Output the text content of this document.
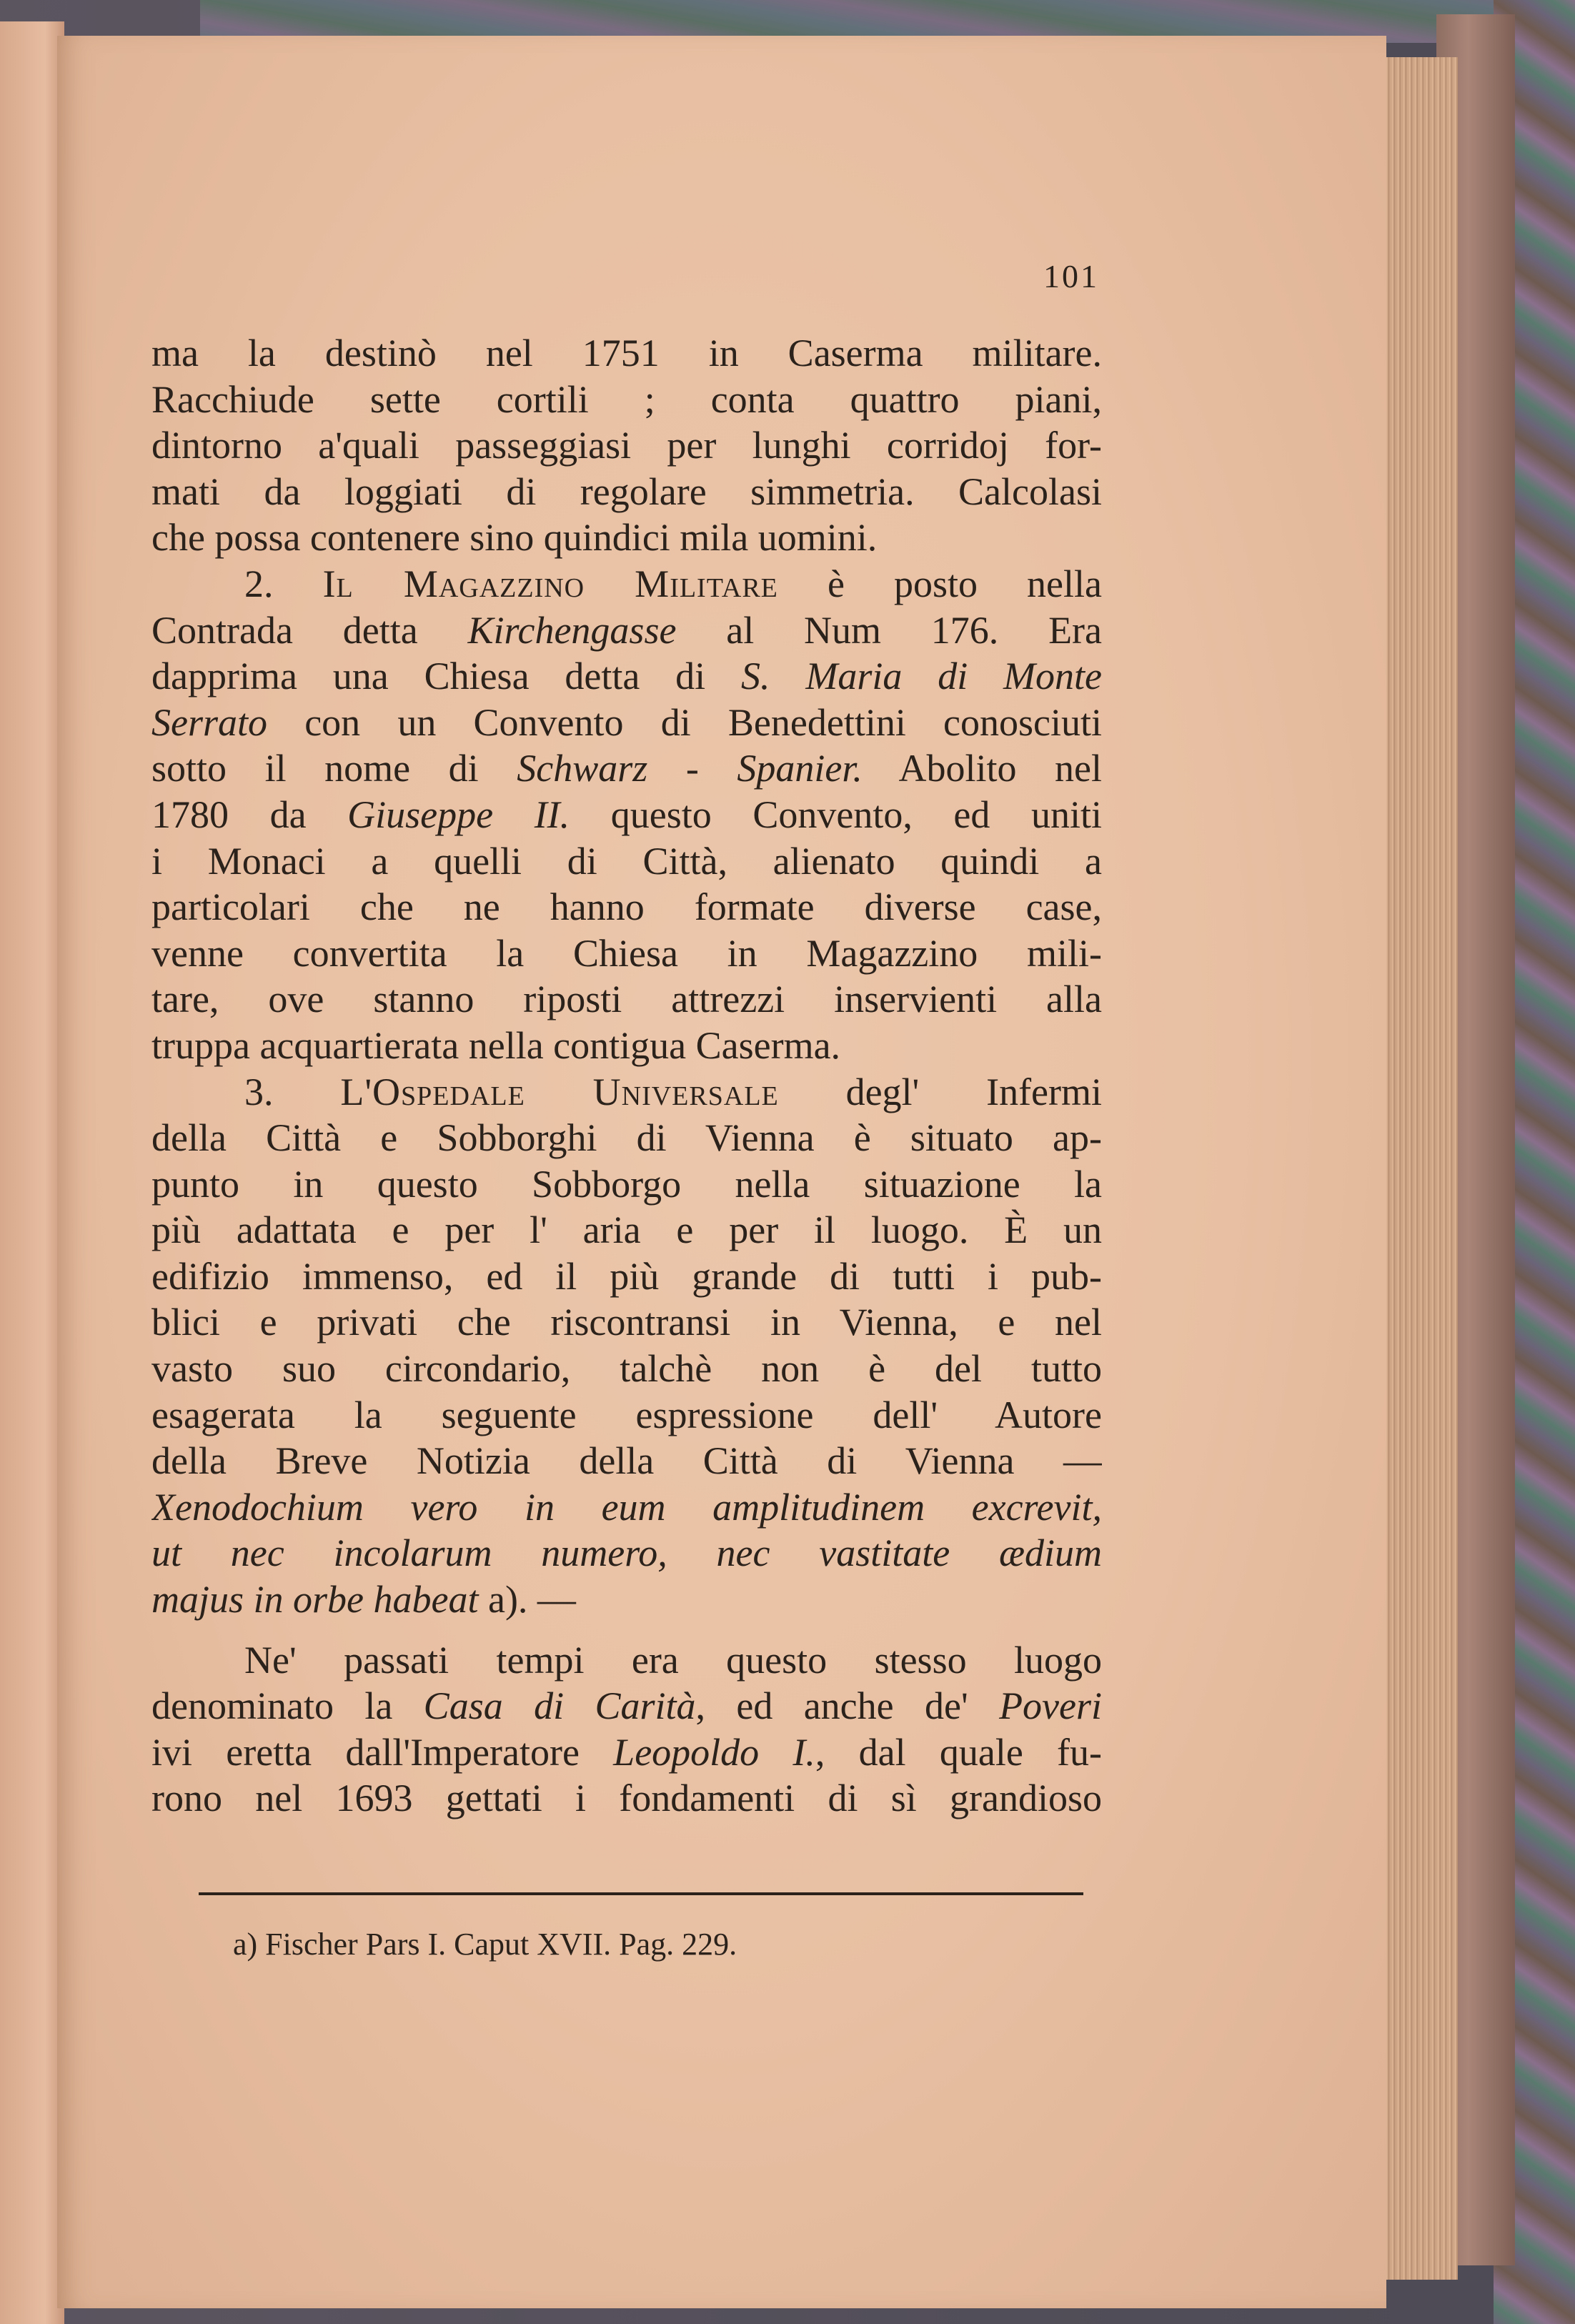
101
ma la destinò nel 1751 in Caserma militare.
Racchiude sette cortili ; conta quattro piani,
dintorno a'quali passeggiasi per lunghi corridoj for-
mati da loggiati di regolare simmetria. Calcolasi
che possa contenere sino quindici mila uomini.
2. Il Magazzino Militare è posto nella
Contrada detta Kirchengasse al Num 176. Era
dapprima una Chiesa detta di S. Maria di Monte
Serrato con un Convento di Benedettini conosciuti
sotto il nome di Schwarz - Spanier. Abolito nel
1780 da Giuseppe II. questo Convento, ed uniti
i Monaci a quelli di Città, alienato quindi a
particolari che ne hanno formate diverse case,
venne convertita la Chiesa in Magazzino mili-
tare, ove stanno riposti attrezzi inservienti alla
truppa acquartierata nella contigua Caserma.
3. L'Ospedale Universale degl' Infermi
della Città e Sobborghi di Vienna è situato ap-
punto in questo Sobborgo nella situazione la
più adattata e per l' aria e per il luogo. È un
edifizio immenso, ed il più grande di tutti i pub-
blici e privati che riscontransi in Vienna, e nel
vasto suo circondario, talchè non è del tutto
esagerata la seguente espressione dell' Autore
della Breve Notizia della Città di Vienna —
Xenodochium vero in eum amplitudinem excrevit,
ut nec incolarum numero, nec vastitate ædium
majus in orbe habeat a). —
Ne' passati tempi era questo stesso luogo
denominato la Casa di Carità, ed anche de' Poveri
ivi eretta dall'Imperatore Leopoldo I., dal quale fu-
rono nel 1693 gettati i fondamenti di sì grandioso
a) Fischer Pars I. Caput XVII. Pag. 229.
